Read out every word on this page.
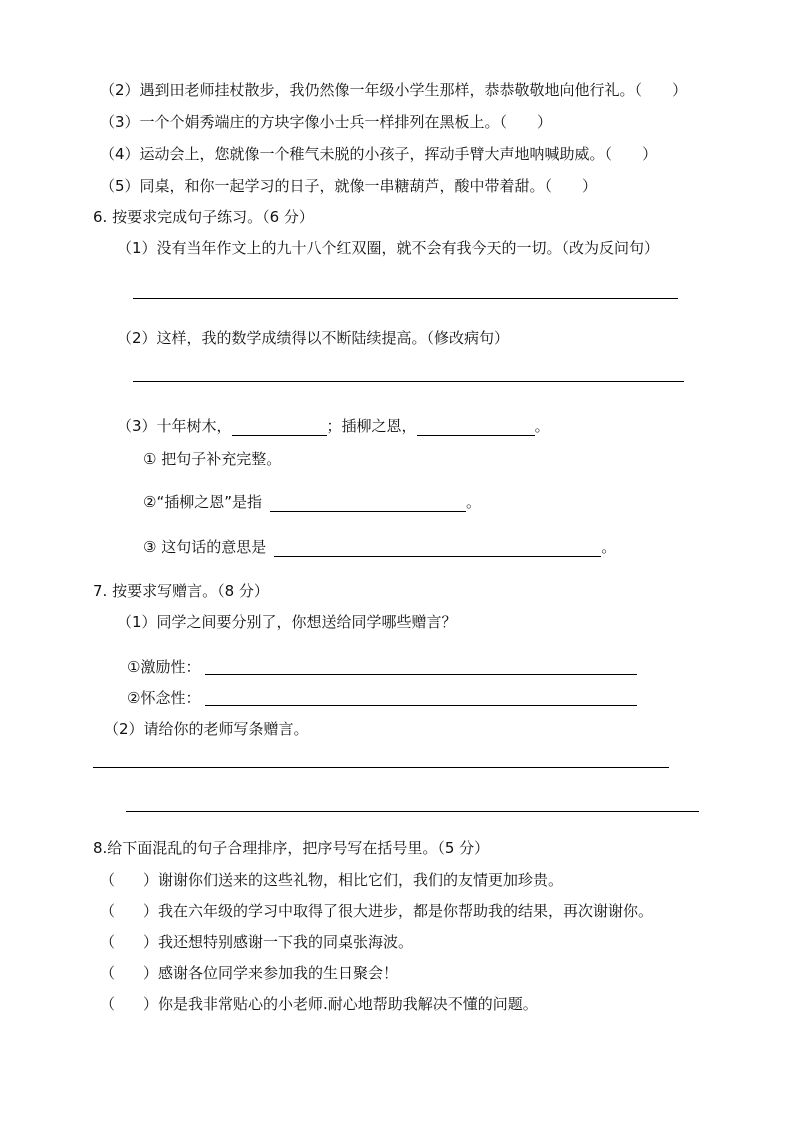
（2）遇到田老师挂杖散步，我仍然像一年级小学生那样，恭恭敬敬地向他行礼。（ ）
（3）一个个娟秀端庄的方块字像小士兵一样排列在黑板上。（ ）
（4）运动会上，您就像一个稚气未脱的小孩子，挥动手臂大声地呐喊助威。（ ）
（5）同桌，和你一起学习的日子，就像一串糖葫芦，酸中带着甜。（ ）
6. 按要求完成句子练习。（6 分）
（1）没有当年作文上的九十八个红双圈，就不会有我今天的一切。（改为反问句）
（2）这样，我的数学成绩得以不断陆续提高。（修改病句）
（3）十年树木，	；插柳之恩，	。
① 把句子补充完整。
②“插柳之恩”是指	。
③ 这句话的意思是	。
7. 按要求写赠言。（8 分）
（1）同学之间要分别了，你想送给同学哪些赠言？
①激励性：
②怀念性：
（2）请给你的老师写条赠言。
8.给下面混乱的句子合理排序，把序号写在括号里。（5 分）
（ ）谢谢你们送来的这些礼物，相比它们，我们的友情更加珍贵。
（ ）我在六年级的学习中取得了很大进步，都是你帮助我的结果，再次谢谢你。
（ ）我还想特别感谢一下我的同桌张海波。
（ ）感谢各位同学来参加我的生日聚会！
（ ）你是我非常贴心的小老师.耐心地帮助我解决不懂的问题。
